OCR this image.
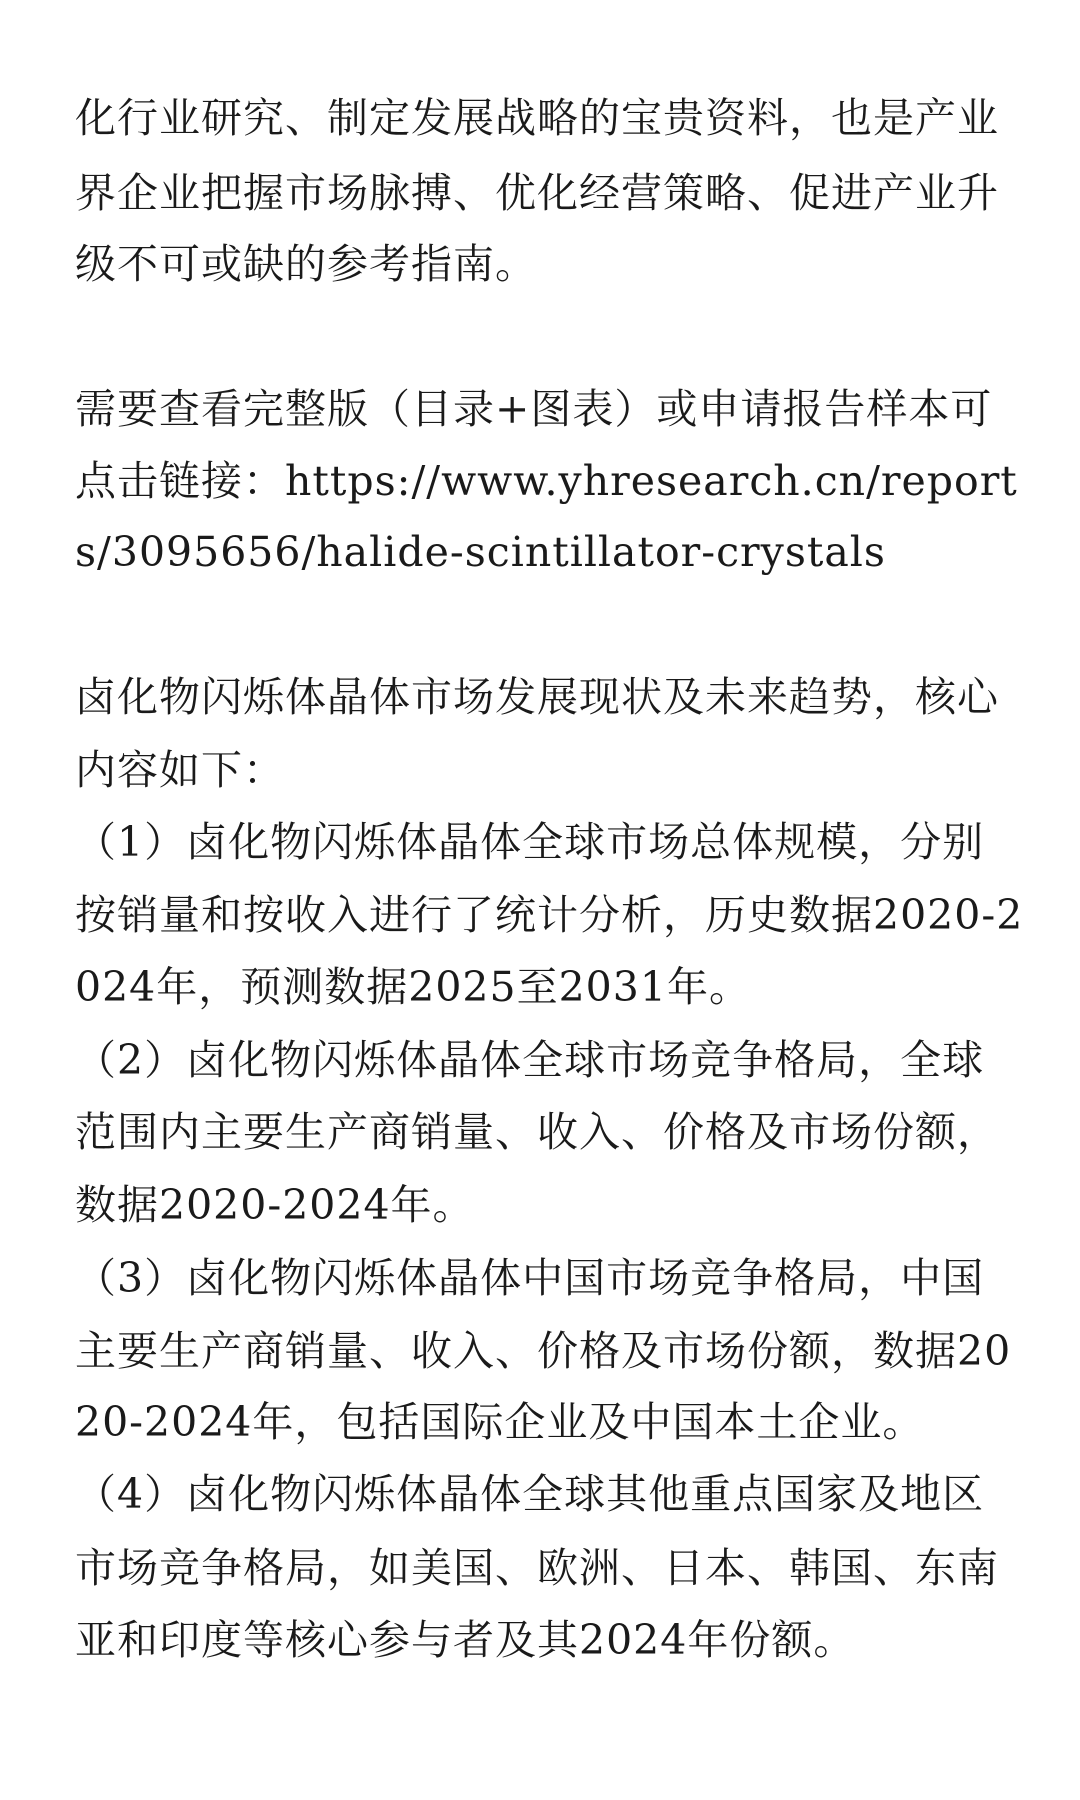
化行业研究、制定发展战略的宝贵资料，也是产业
界企业把握市场脉搏、优化经营策略、促进产业升
级不可或缺的参考指南。
需要查看完整版（目录+图表）或申请报告样本可
点击链接：https://www.yhresearch.cn/report
s/3095656/halide-scintillator-crystals
卤化物闪烁体晶体市场发展现状及未来趋势，核心
内容如下：
（1）卤化物闪烁体晶体全球市场总体规模，分别
按销量和按收入进行了统计分析，历史数据2020-2
024年，预测数据2025至2031年。
（2）卤化物闪烁体晶体全球市场竞争格局，全球
范围内主要生产商销量、收入、价格及市场份额，
数据2020-2024年。
（3）卤化物闪烁体晶体中国市场竞争格局，中国
主要生产商销量、收入、价格及市场份额，数据20
20-2024年，包括国际企业及中国本土企业。
（4）卤化物闪烁体晶体全球其他重点国家及地区
市场竞争格局，如美国、欧洲、日本、韩国、东南
亚和印度等核心参与者及其2024年份额。
